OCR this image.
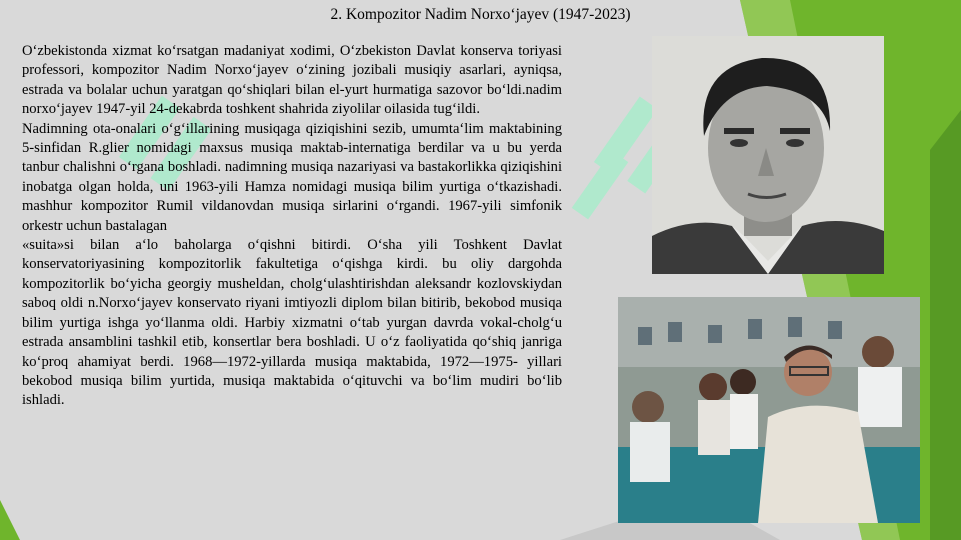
2. Kompozitor Nadim Norxo‘jayev (1947-2023)

O‘zbekistonda xizmat ko‘rsatgan madaniyat xodimi, O‘zbekiston Davlat konserva toriyasi professori, kompozitor Nadim Norxo‘jayev o‘zining jozibali musiqiy asarlari, ayniqsa, estrada va bolalar uchun yaratgan qo‘shiqlari bilan el-yurt hurmatiga sazovor bo‘ldi.nadim norxo‘jayev 1947-yil 24-dekabrda toshkent shahrida ziyolilar oilasida tug‘ildi.

Nadimning ota-onalari o‘g‘illarining musiqaga qiziqishini sezib, umumta‘lim maktabining 5-sinfidan R.glier nomidagi maxsus musiqa maktab-internatiga berdilar va u bu yerda tanbur chalishni o‘rgana boshladi. nadimning musiqa nazariyasi va bastakorlikka qiziqishini inobatga olgan holda, uni 1963-yili Hamza nomidagi musiqa bilim yurtiga o‘tkazishadi. mashhur kompozitor Rumil vildanovdan musiqa sirlarini o‘rgandi. 1967-yili simfonik orkestr uchun bastalagan

«suita»si bilan a‘lo baholarga o‘qishni bitirdi. O‘sha yili Toshkent Davlat konservatoriyasining kompozitorlik fakultetiga o‘qishga kirdi. bu oliy dargohda kompozitorlik bo‘yicha georgiy musheldan, cholg‘ulashtirishdan aleksandr kozlovskiydan saboq oldi n.Norxo‘jayev konservato riyani imtiyozli diplom bilan bitirib, bekobod musiqa bilim yurtiga ishga yo‘llanma oldi. Harbiy xizmatni o‘tab yurgan davrda vokal-cholg‘u estrada ansamblini tashkil etib, konsertlar bera boshladi. U o‘z faoliyatida qo‘shiq janriga ko‘proq ahamiyat berdi. 1968—1972-yillarda musiqa maktabida, 1972—1975- yillari bekobod musiqa bilim yurtida, musiqa maktabida o‘qituvchi va bo‘lim mudiri bo‘lib ishladi.
